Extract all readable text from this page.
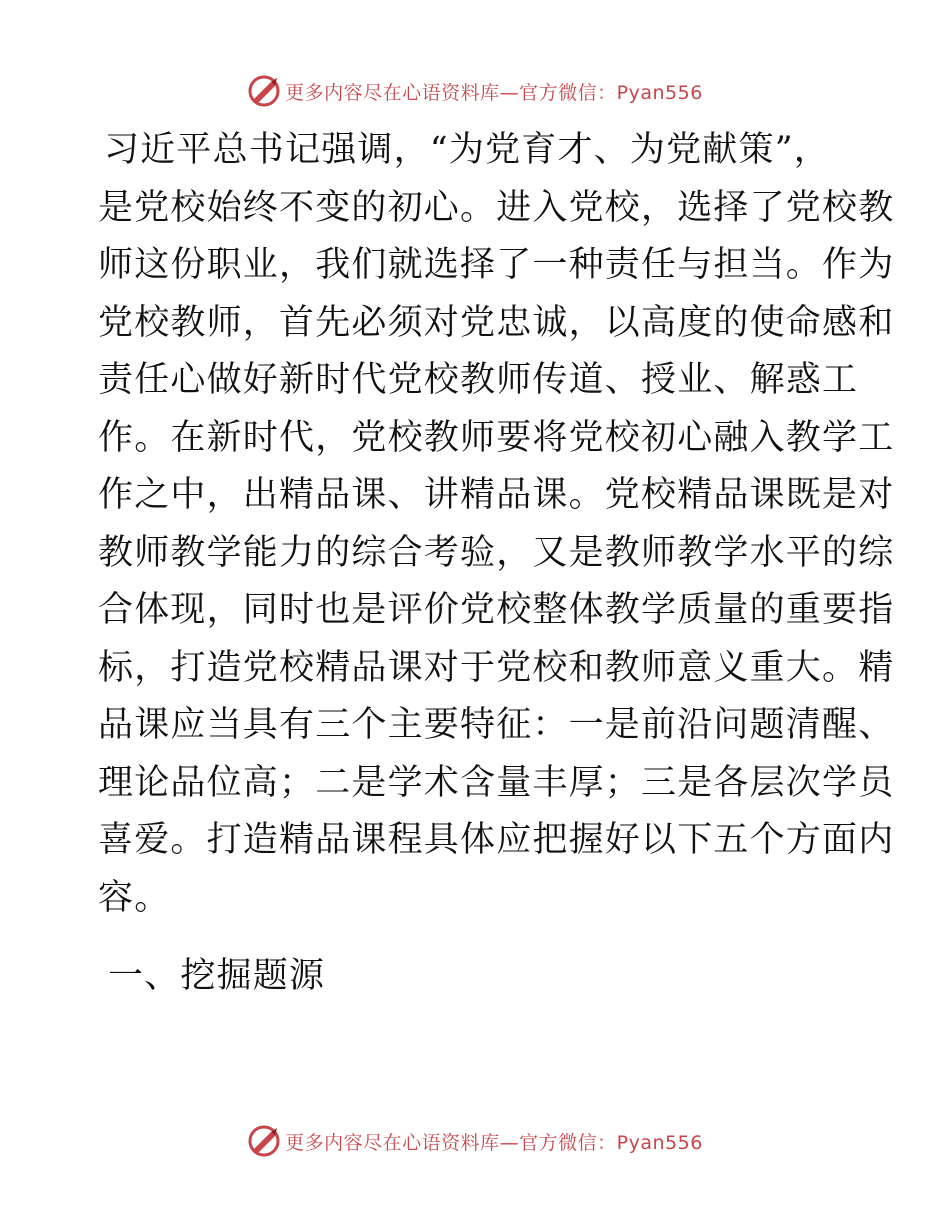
更多内容尽在心语资料库—官方微信：Pyan556
习近平总书记强调，“为党育才、为党献策”，
是党校始终不变的初心。进入党校，选择了党校教
师这份职业，我们就选择了一种责任与担当。作为
党校教师，首先必须对党忠诚，以高度的使命感和
责任心做好新时代党校教师传道、授业、解惑工
作。在新时代，党校教师要将党校初心融入教学工
作之中，出精品课、讲精品课。党校精品课既是对
教师教学能力的综合考验，又是教师教学水平的综
合体现，同时也是评价党校整体教学质量的重要指
标，打造党校精品课对于党校和教师意义重大。精
品课应当具有三个主要特征：一是前沿问题清醒、
理论品位高；二是学术含量丰厚；三是各层次学员
喜爱。打造精品课程具体应把握好以下五个方面内
容。
一、挖掘题源
更多内容尽在心语资料库—官方微信：Pyan556
